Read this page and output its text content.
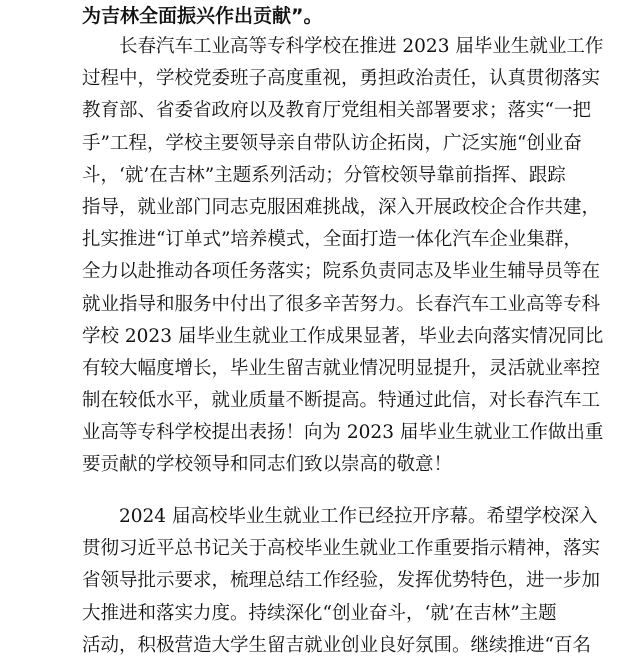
为吉林全面振兴作出贡献”。
长春汽车工业高等专科学校在推进 2023 届毕业生就业工作
过程中，学校党委班子高度重视，勇担政治责任，认真贯彻落实
教育部、省委省政府以及教育厅党组相关部署要求；落实“一把
手”工程，学校主要领导亲自带队访企拓岗，广泛实施“创业奋
斗，‘就’在吉林”主题系列活动；分管校领导靠前指挥、跟踪
指导，就业部门同志克服困难挑战，深入开展政校企合作共建，
扎实推进“订单式”培养模式，全面打造一体化汽车企业集群，
全力以赴推动各项任务落实；院系负责同志及毕业生辅导员等在
就业指导和服务中付出了很多辛苦努力。长春汽车工业高等专科
学校 2023 届毕业生就业工作成果显著，毕业去向落实情况同比
有较大幅度增长，毕业生留吉就业情况明显提升，灵活就业率控
制在较低水平，就业质量不断提高。特通过此信，对长春汽车工
业高等专科学校提出表扬！向为 2023 届毕业生就业工作做出重
要贡献的学校领导和同志们致以崇高的敬意！
2024 届高校毕业生就业工作已经拉开序幕。希望学校深入
贯彻习近平总书记关于高校毕业生就业工作重要指示精神，落实
省领导批示要求，梳理总结工作经验，发挥优势特色，进一步加
大推进和落实力度。持续深化“创业奋斗，‘就’在吉林”主题
活动，积极营造大学生留吉就业创业良好氛围。继续推进“百名
